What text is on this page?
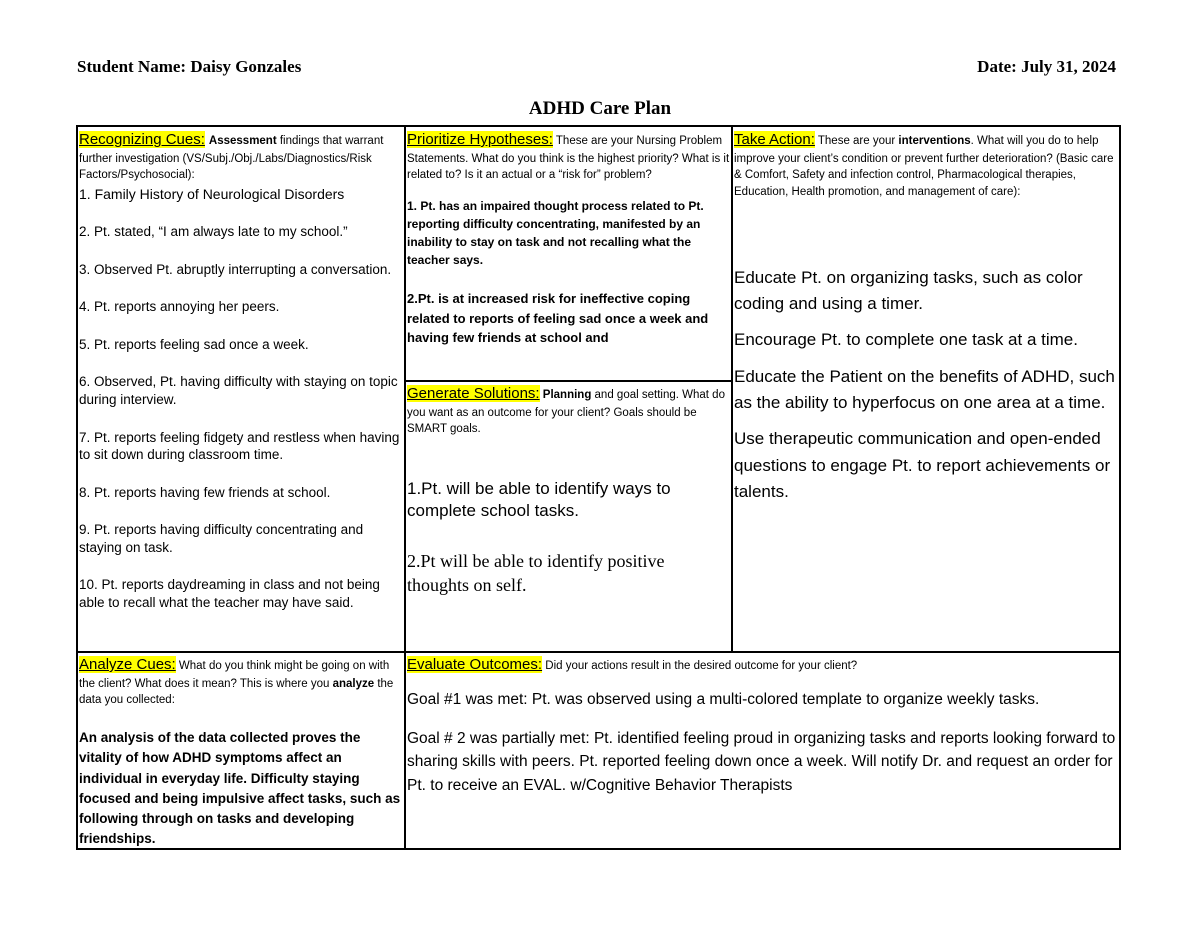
Student Name: Daisy Gonzales	Date: July 31, 2024
ADHD Care Plan
Recognizing Cues: Assessment findings that warrant further investigation (VS/Subj./Obj./Labs/Diagnostics/Risk Factors/Psychosocial):

1. Family History of Neurological Disorders

2. Pt. stated, “I am always late to my school.”

3. Observed Pt. abruptly interrupting a conversation.

4. Pt. reports annoying her peers.

5. Pt. reports feeling sad once a week.

6. Observed, Pt. having difficulty with staying on topic during interview.

7. Pt. reports feeling fidgety and restless when having to sit down during classroom time.

8. Pt. reports having few friends at school.

9. Pt. reports having difficulty concentrating and staying on task.

10. Pt. reports daydreaming in class and not being able to recall what the teacher may have said.

Prioritize Hypotheses: These are your Nursing Problem Statements. What do you think is the highest priority? What is it related to? Is it an actual or a “risk for” problem?

1. Pt. has an impaired thought process related to Pt. reporting difficulty concentrating, manifested by an inability to stay on task and not recalling what the teacher says.

2.Pt. is at increased risk for ineffective coping related to reports of feeling sad once a week and having few friends at school and

Generate Solutions: Planning and goal setting. What do you want as an outcome for your client? Goals should be SMART goals.

1.Pt. will be able to identify ways to complete school tasks.

2.Pt will be able to identify positive thoughts on self.

Take Action: These are your interventions. What will you do to help improve your client’s condition or prevent further deterioration? (Basic care & Comfort, Safety and infection control, Pharmacological therapies, Education, Health promotion, and management of care):

Educate Pt. on organizing tasks, such as color coding and using a timer.

Encourage Pt. to complete one task at a time.

Educate the Patient on the benefits of ADHD, such as the ability to hyperfocus on one area at a time.

Use therapeutic communication and open-ended questions to engage Pt. to report achievements or talents.

Analyze Cues: What do you think might be going on with the client? What does it mean? This is where you analyze the data you collected:

An analysis of the data collected proves the vitality of how ADHD symptoms affect an individual in everyday life. Difficulty staying focused and being impulsive affect tasks, such as following through on tasks and developing friendships.

Evaluate Outcomes: Did your actions result in the desired outcome for your client?

Goal #1 was met: Pt. was observed using a multi-colored template to organize weekly tasks.

Goal # 2 was partially met: Pt. identified feeling proud in organizing tasks and reports looking forward to sharing skills with peers. Pt. reported feeling down once a week. Will notify Dr. and request an order for Pt. to receive an EVAL. w/Cognitive Behavior Therapists
